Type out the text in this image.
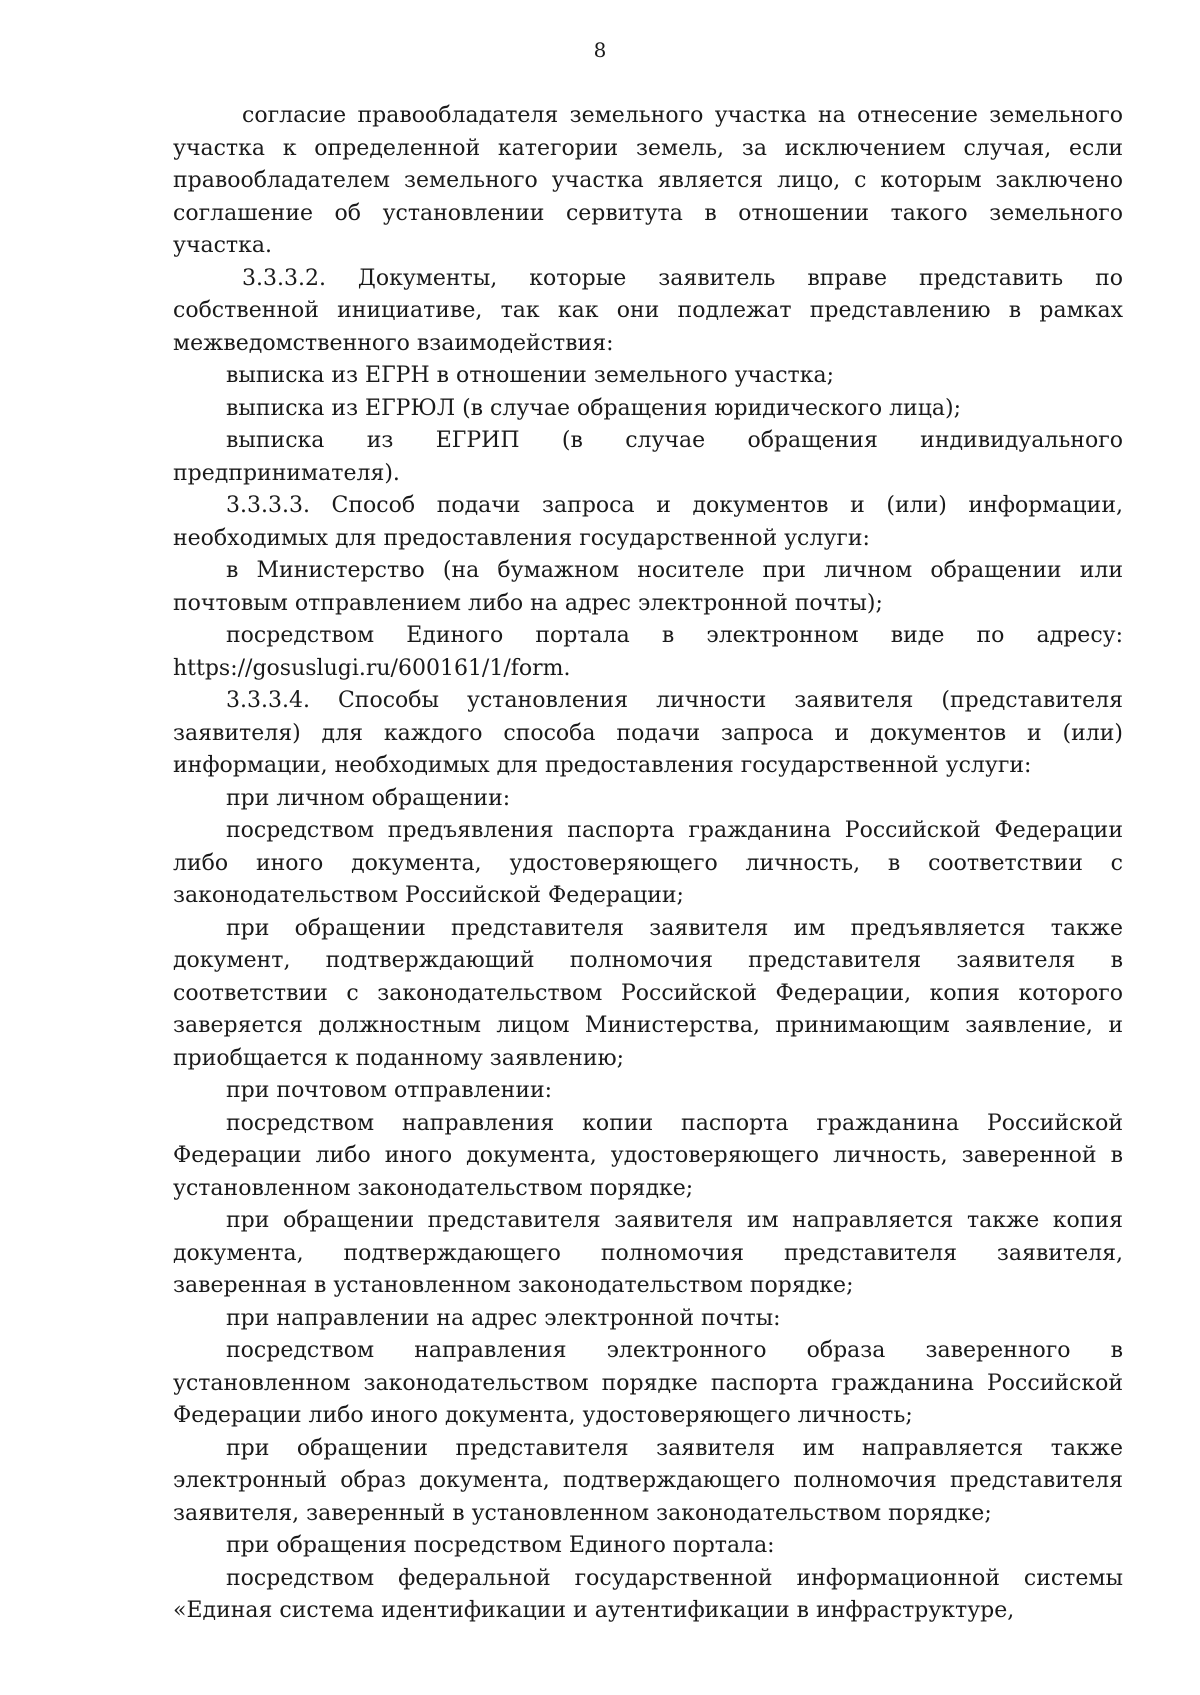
8

согласие правообладателя земельного участка на отнесение земельного участка к определенной категории земель, за исключением случая, если правообладателем земельного участка является лицо, с которым заключено соглашение об установлении сервитута в отношении такого земельного участка.

3.3.3.2. Документы, которые заявитель вправе представить по собственной инициативе, так как они подлежат представлению в рамках межведомственного взаимодействия:

выписка из ЕГРН в отношении земельного участка;

выписка из ЕГРЮЛ (в случае обращения юридического лица);

выписка из ЕГРИП (в случае обращения индивидуального предпринимателя).

3.3.3.3. Способ подачи запроса и документов и (или) информации, необходимых для предоставления государственной услуги:

в Министерство (на бумажном носителе при личном обращении или почтовым отправлением либо на адрес электронной почты);

посредством Единого портала в электронном виде по адресу: https://gosuslugi.ru/600161/1/form.

3.3.3.4. Способы установления личности заявителя (представителя заявителя) для каждого способа подачи запроса и документов и (или) информации, необходимых для предоставления государственной услуги:

при личном обращении:

посредством предъявления паспорта гражданина Российской Федерации либо иного документа, удостоверяющего личность, в соответствии с законодательством Российской Федерации;

при обращении представителя заявителя им предъявляется также документ, подтверждающий полномочия представителя заявителя в соответствии с законодательством Российской Федерации, копия которого заверяется должностным лицом Министерства, принимающим заявление, и приобщается к поданному заявлению;

при почтовом отправлении:

посредством направления копии паспорта гражданина Российской Федерации либо иного документа, удостоверяющего личность, заверенной в установленном законодательством порядке;

при обращении представителя заявителя им направляется также копия документа, подтверждающего полномочия представителя заявителя, заверенная в установленном законодательством порядке;

при направлении на адрес электронной почты:

посредством направления электронного образа заверенного в установленном законодательством порядке паспорта гражданина Российской Федерации либо иного документа, удостоверяющего личность;

при обращении представителя заявителя им направляется также электронный образ документа, подтверждающего полномочия представителя заявителя, заверенный в установленном законодательством порядке;

при обращения посредством Единого портала:

посредством федеральной государственной информационной системы «Единая система идентификации и аутентификации в инфраструктуре,
